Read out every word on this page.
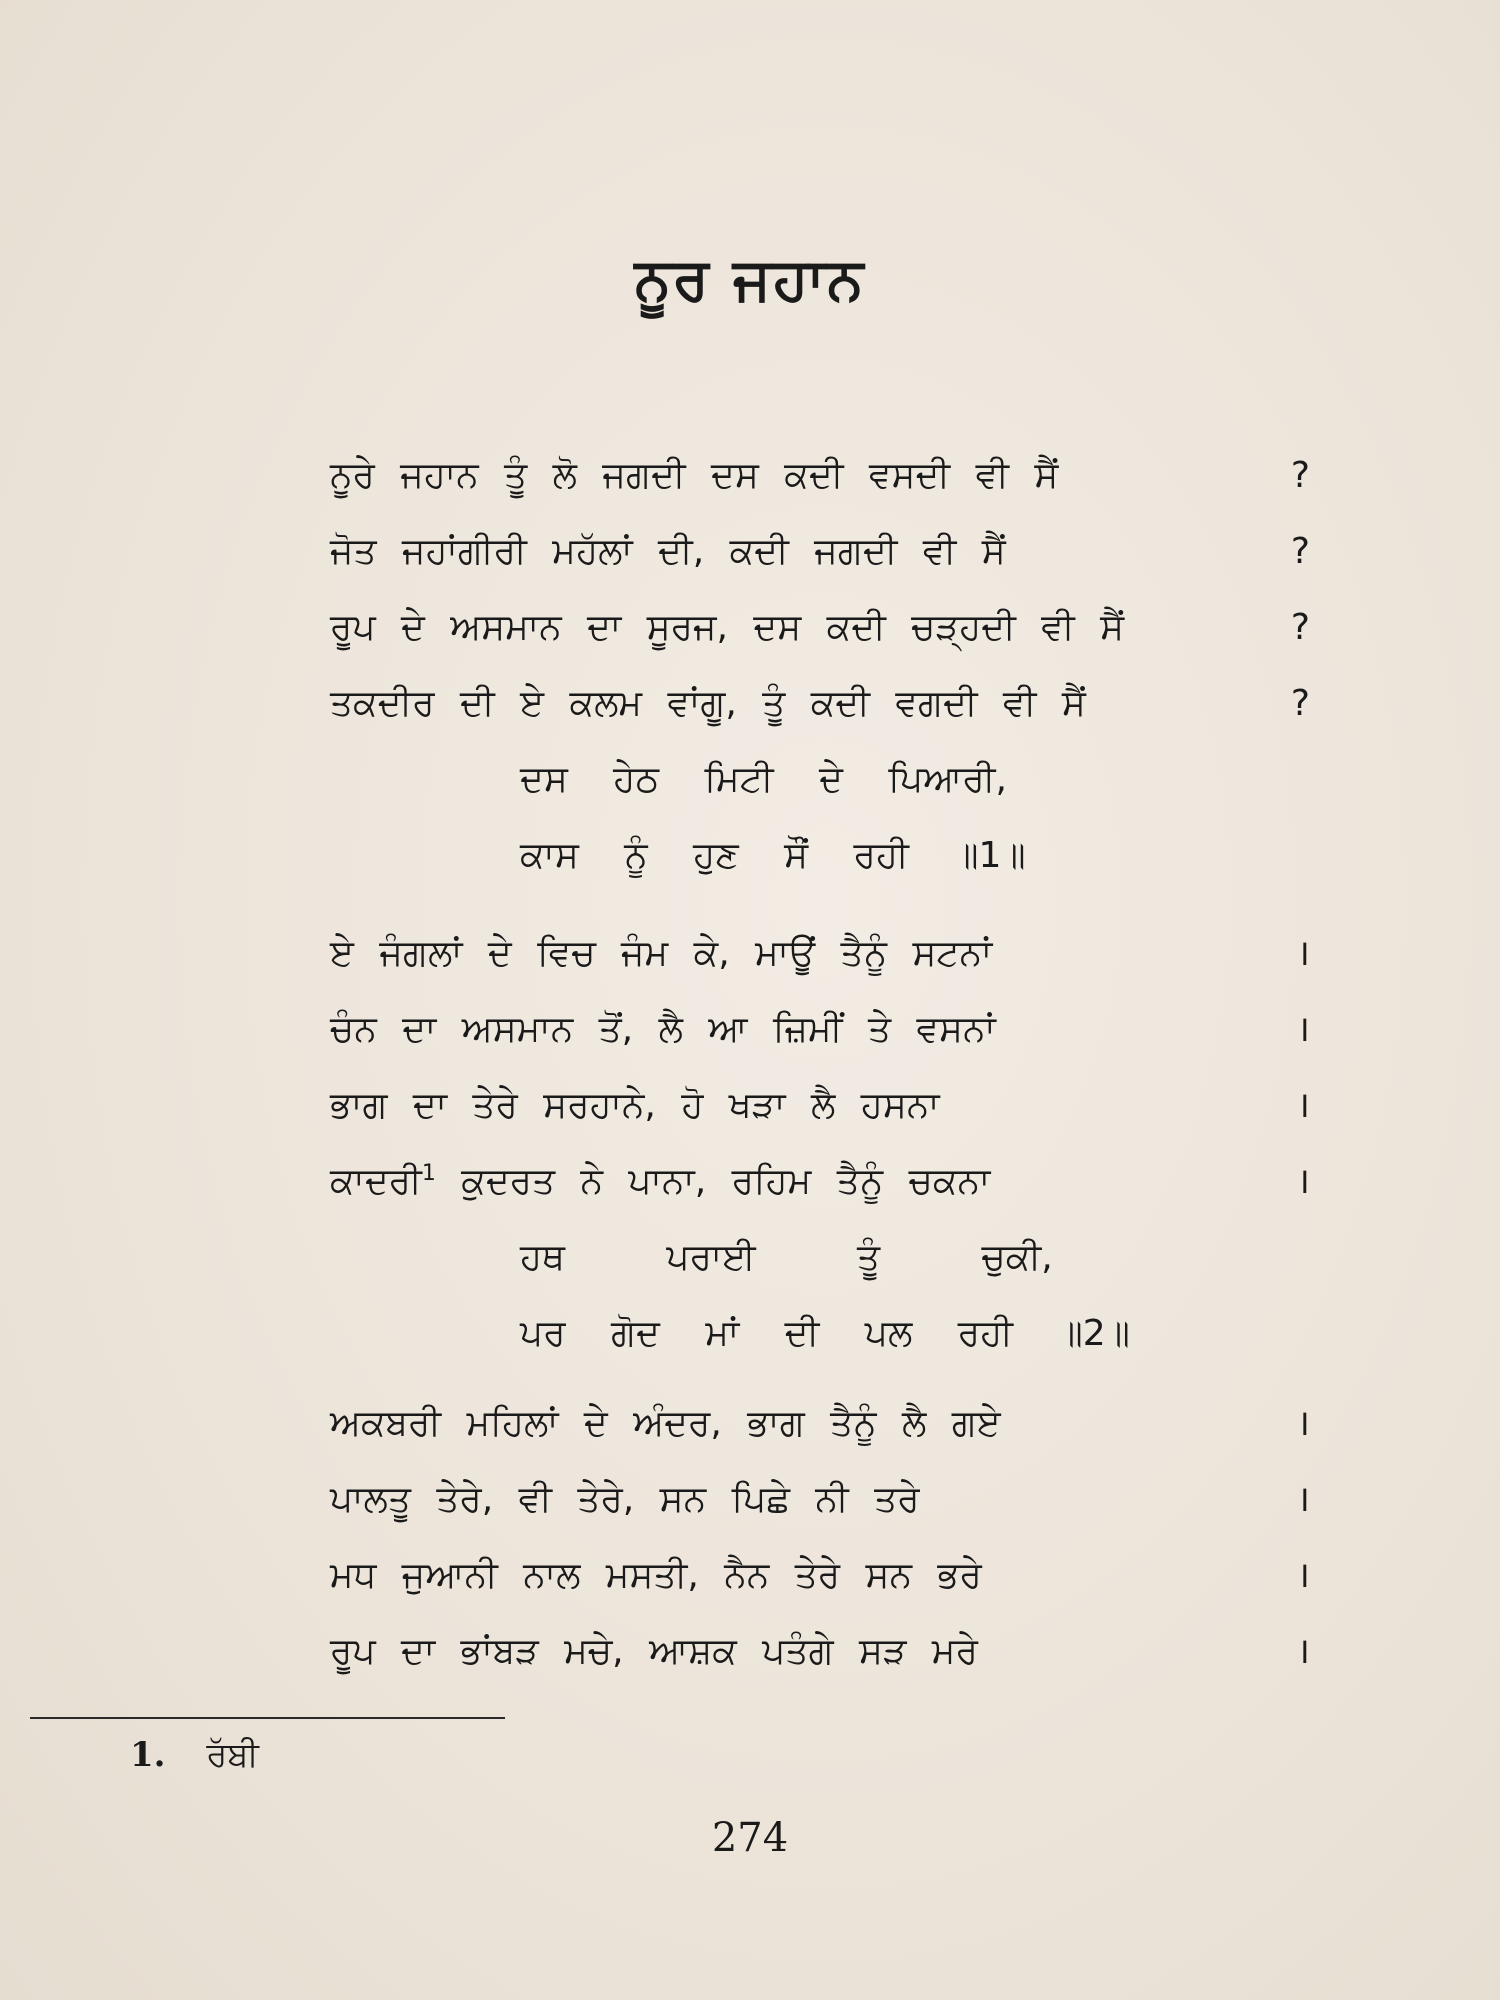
ਨੂਰ ਜਹਾਨ
ਨੂਰੇ ਜਹਾਨ ਤੂੰ ਲੋ ਜਗਦੀ ਦਸ ਕਦੀ ਵਸਦੀ ਵੀ ਸੈਂ	?
ਜੋਤ ਜਹਾਂਗੀਰੀ ਮਹੱਲਾਂ ਦੀ, ਕਦੀ ਜਗਦੀ ਵੀ ਸੈਂ	?
ਰੂਪ ਦੇ ਅਸਮਾਨ ਦਾ ਸੂਰਜ, ਦਸ ਕਦੀ ਚੜ੍ਹਦੀ ਵੀ ਸੈਂ	?
ਤਕਦੀਰ ਦੀ ਏ ਕਲਮ ਵਾਂਗੂ, ਤੂੰ ਕਦੀ ਵਗਦੀ ਵੀ ਸੈਂ	?
ਦਸ ਹੇਠ ਮਿਟੀ ਦੇ ਪਿਆਰੀ,
ਕਾਸ ਨੂੰ ਹੁਣ ਸੌਂ ਰਹੀ ॥1॥
ਏ ਜੰਗਲਾਂ ਦੇ ਵਿਚ ਜੰਮ ਕੇ, ਮਾਊਂ ਤੈਨੂੰ ਸਟਨਾਂ	।
ਚੰਨ ਦਾ ਅਸਮਾਨ ਤੋਂ, ਲੈ ਆ ਜ਼ਿਮੀਂ ਤੇ ਵਸਨਾਂ	।
ਭਾਗ ਦਾ ਤੇਰੇ ਸਰਹਾਨੇ, ਹੋ ਖੜਾ ਲੈ ਹਸਨਾ	।
ਕਾਦਰੀ$^1$ ਕੁਦਰਤ ਨੇ ਪਾਨਾ, ਰਹਿਮ ਤੈਨੂੰ ਚਕਨਾ	।
ਹਥ ਪਰਾਈ ਤੂੰ ਚੁਕੀ,
ਪਰ ਗੋਦ ਮਾਂ ਦੀ ਪਲ ਰਹੀ ॥2॥
ਅਕਬਰੀ ਮਹਿਲਾਂ ਦੇ ਅੰਦਰ, ਭਾਗ ਤੈਨੂੰ ਲੈ ਗਏ	।
ਪਾਲਤੂ ਤੇਰੇ, ਵੀ ਤੇਰੇ, ਸਨ ਪਿਛੇ ਨੀ ਤਰੇ	।
ਮਧ ਜੁਆਨੀ ਨਾਲ ਮਸਤੀ, ਨੈਨ ਤੇਰੇ ਸਨ ਭਰੇ	।
ਰੂਪ ਦਾ ਭਾਂਬੜ ਮਚੇ, ਆਸ਼ਕ ਪਤੰਗੇ ਸੜ ਮਰੇ	।
1. ਰੱਬੀ
274
